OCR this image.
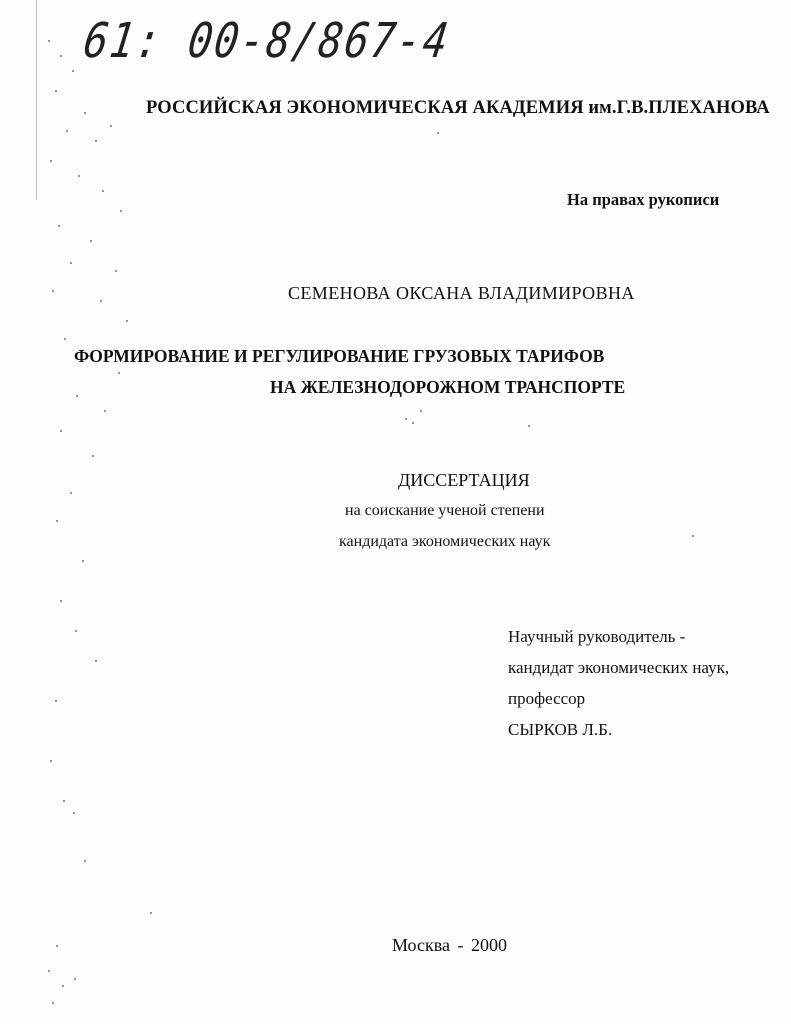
61: 00-8/867-4
РОССИЙСКАЯ ЭКОНОМИЧЕСКАЯ АКАДЕМИЯ им.Г.В.ПЛЕХАНОВА
На правах рукописи
СЕМЕНОВА ОКСАНА ВЛАДИМИРОВНА
ФОРМИРОВАНИЕ И РЕГУЛИРОВАНИЕ ГРУЗОВЫХ ТАРИФОВ
НА ЖЕЛЕЗНОДОРОЖНОМ ТРАНСПОРТЕ
ДИССЕРТАЦИЯ
на соискание ученой степени
кандидата экономических наук
Научный руководитель -
кандидат экономических наук,
профессор
СЫРКОВ Л.Б.
Москва - 2000
